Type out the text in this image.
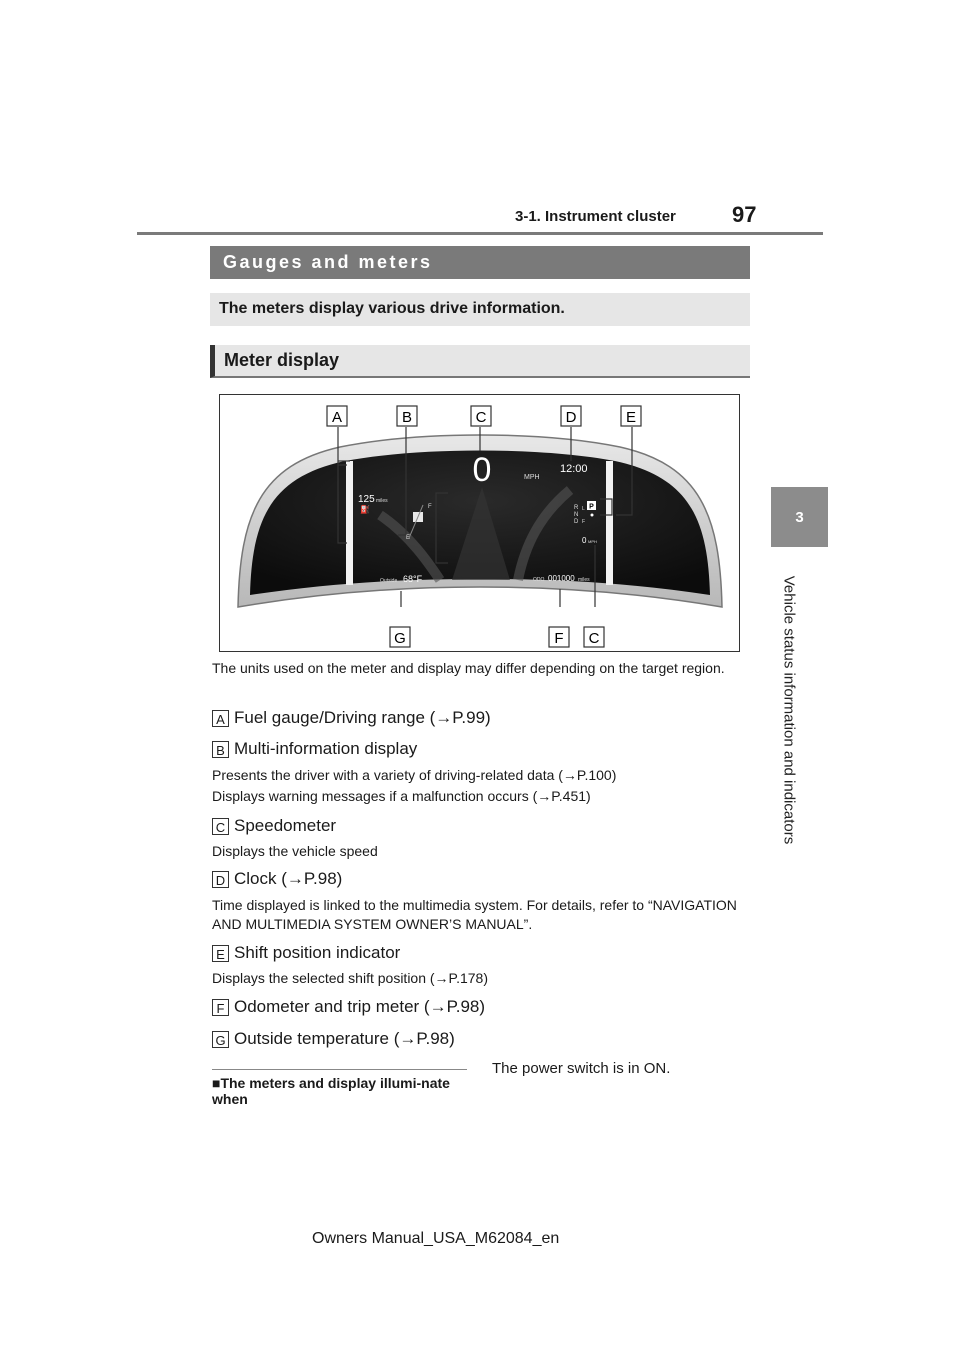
3-1. Instrument cluster	97
3
Vehicle status information and indicators
Gauges and meters
The meters display various drive information.
Meter display
0	MPH
12:00
125 miles
⛽	F
E
R
N
D
L
F
P
0 MPH
Outside 68°F	ODO 001000 miles
A	B	C	D	E
G	F C
The units used on the meter and display may differ depending on the target region.
A Fuel gauge/Driving range (→P.99)
B Multi-information display
Presents the driver with a variety of driving-related data (→P.100)
Displays warning messages if a malfunction occurs (→P.451)
C Speedometer
Displays the vehicle speed
D Clock (→P.98)
Time displayed is linked to the multimedia system. For details, refer to “NAVIGATION AND MULTIMEDIA SYSTEM OWNER’S MANUAL”.
E Shift position indicator
Displays the selected shift position (→P.178)
F Odometer and trip meter (→P.98)
G Outside temperature (→P.98)
■The meters and display illumi-nate when
The power switch is in ON.
Owners Manual_USA_M62084_en
